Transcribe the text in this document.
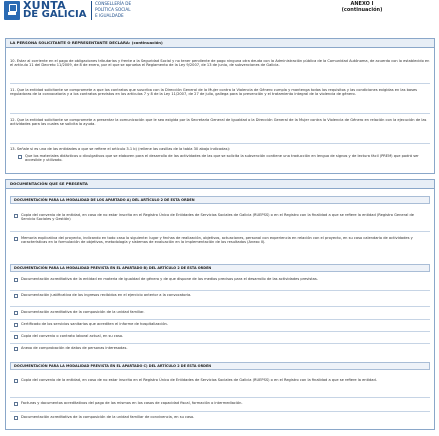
XUNTA
DE GALICIA
CONSELLERÍA DE
POLÍTICA SOCIAL
E IGUALDADE
ANEXO I
(continuación)
LA PERSONA SOLICITANTE O REPRESENTANTE DECLARA: (continuación)
10. Estar al corriente en el pago de obligaciones tributarias y frente a la Seguridad Social y no tener pendiente de pago ninguna otra deuda con la Administración pública de la Comunidad Autónoma, de acuerdo con lo establecido en el artículo 11 del Decreto 11/2009, de 8 de enero, por el que se aprueba el Reglamento de la Ley 9/2007, de 13 de junio, de subvenciones de Galicia.
11. Que la entidad solicitante se compromete a que los contratos que suscriba con la Dirección General de la Mujer contra la Violencia de Género cumpla y mantenga todos los requisitos y las condiciones exigidas en las bases reguladoras de la convocatoria y a los contratos previstos en los artículos 7 y 8 de la Ley 11/2007, de 27 de julio, gallega para la prevención y el tratamiento integral de la violencia de género.
12. Que la entidad solicitante se compromete a presentar la comunicación que le sea exigida por la Secretaría General de Igualdad o la Dirección General de la Mujer contra la Violencia de Género en relación con la ejecución de las actividades para las cuales se solicita la ayuda.
13. Señale si es una de las entidades a que se refiere el artículo 3.1 b) (rellene las casillas de la tabla 30 abajo indicadas):
Que los materiales didácticos o divulgativos que se elaboren para el desarrollo de las actividades de las que se solicita la subvención contiene una traducción en lengua de signos y de lectura fácil (PREM) que podrá ser accesible y utilizado.
DOCUMENTACIÓN QUE SE PRESENTA
DOCUMENTACIÓN PARA LA MODALIDAD DE LOS APARTADO A) DEL ARTÍCULO 2 DE ESTA ORDEN
Copia del convenio de la entidad, en caso de no estar inscrita en el Registro Único de Entidades de Servicios Sociales de Galicia (RUEPSS) o en el Registro con la finalidad a que se refiere la entidad (Registro General de Servicio Sociales y Gestión)
Memoria explicativa del proyecto, indicando en todo caso lo siguiente: lugar y fechas de realización, objetivos, actuaciones, personal con experiencia en relación con el proyecto, en su caso calendario de actividades y características en la formulación de objetivos, metodología y sistemas de evaluación en la implementación de los resultados (Anexo II).
DOCUMENTACIÓN PARA LA MODALIDAD PREVISTA EN EL APARTADO B) DEL ARTÍCULO 2 DE ESTA ORDEN
Documentación acreditativa de la entidad en materia de igualdad de género y de que dispone de los medios precisos para el desarrollo de las actividades previstas.
Documentación justificativa de los ingresos recibidos en el ejercicio anterior a la convocatoria.
Documentación acreditativa de la composición de la unidad familiar.
Certificado de los servicios sanitarios que acrediten el informe de hospitalización.
Copia del convenio o contrato laboral actual, en su caso.
Anexo de comprobación de datos de personas interesadas.
DOCUMENTACIÓN PARA LA MODALIDAD PREVISTA EN EL APARTADO C) DEL ARTÍCULO 2 DE ESTA ORDEN
Copia del convenio de la entidad, en caso de no estar inscrita en el Registro Único de Entidades de Servicios Sociales de Galicia (RUEPSS) o en el Registro con la finalidad a que se refiere la entidad.
Facturas y documentos acreditativos del pago de los mismos en los casos de capacidad fiscal, formación o intermediación.
Documentación acreditativa de la composición de la unidad familiar de convivencia, en su caso.
